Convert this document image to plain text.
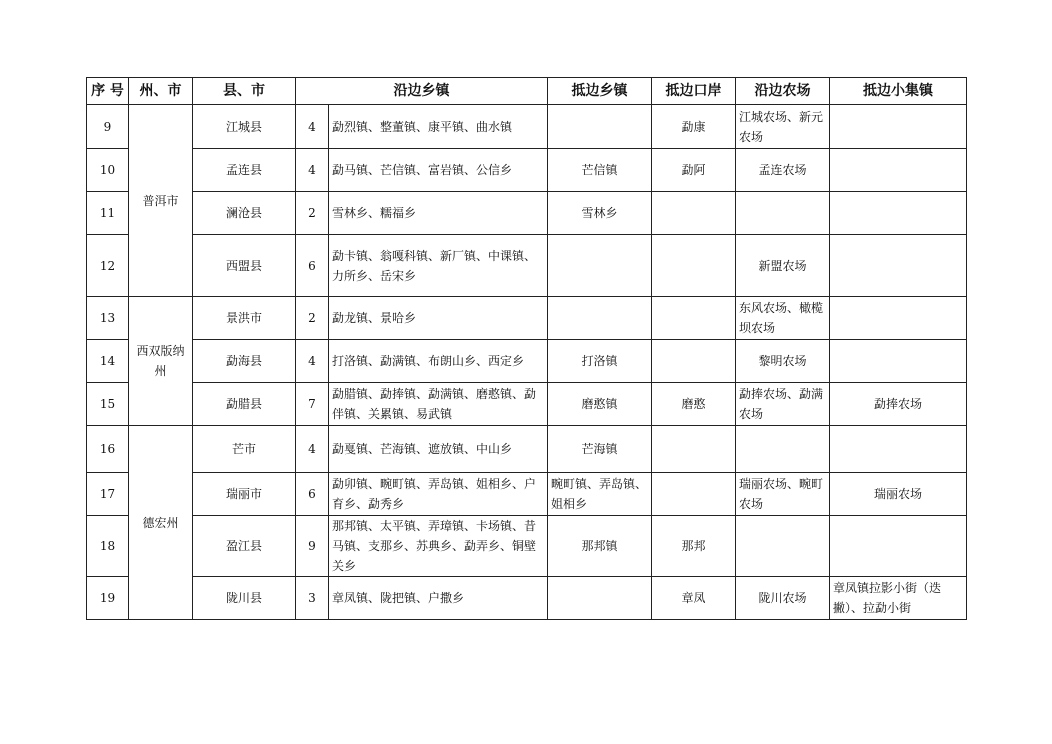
序 号	州、市	县、市	沿边乡镇		抵边乡镇	抵边口岸	沿边农场	抵边小集镇
9	普洱市	江城县	4	勐烈镇、整董镇、康平镇、曲水镇		勐康	江城农场、新元农场	
10		孟连县	4	勐马镇、芒信镇、富岩镇、公信乡	芒信镇	勐阿	孟连农场	
11		澜沧县	2	雪林乡、糯福乡	雪林乡			
12		西盟县	6	勐卡镇、翁嘎科镇、新厂镇、中课镇、力所乡、岳宋乡			新盟农场	
13	西双版纳州	景洪市	2	勐龙镇、景哈乡			东风农场、橄榄坝农场	
14		勐海县	4	打洛镇、勐满镇、布朗山乡、西定乡	打洛镇		黎明农场	
15		勐腊县	7	勐腊镇、勐捧镇、勐满镇、磨憨镇、勐伴镇、关累镇、易武镇	磨憨镇	磨憨	勐捧农场、勐满农场	勐捧农场
16	德宏州	芒市	4	勐戛镇、芒海镇、遮放镇、中山乡	芒海镇			
17		瑞丽市	6	勐卯镇、畹町镇、弄岛镇、姐相乡、户育乡、勐秀乡	畹町镇、弄岛镇、姐相乡		瑞丽农场、畹町农场	瑞丽农场
18		盈江县	9	那邦镇、太平镇、弄璋镇、卡场镇、昔马镇、支那乡、苏典乡、勐弄乡、铜壁关乡	那邦镇	那邦		
19		陇川县	3	章凤镇、陇把镇、户撒乡		章凤	陇川农场	章凤镇拉影小街（迭撇）、拉勐小街
